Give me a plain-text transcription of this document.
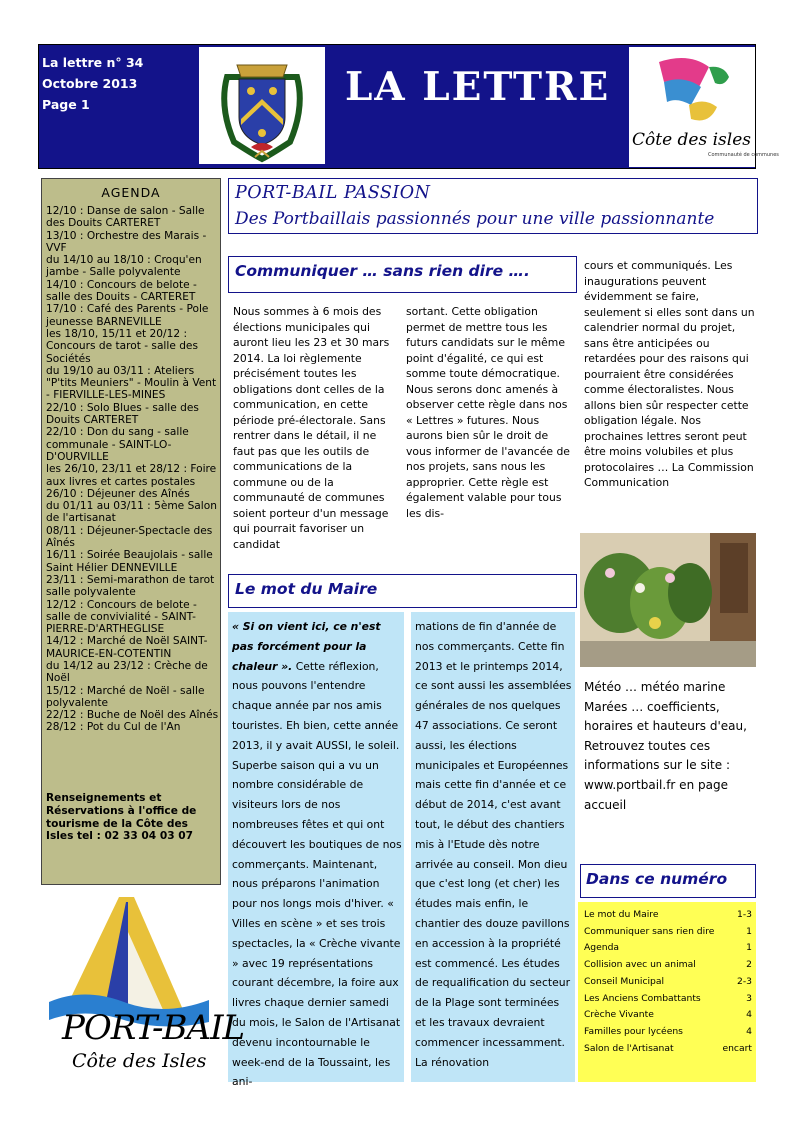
La lettre n° 34
Octobre 2013
Page 1	LA LETTRE
Côte des isles
Communauté de communes
AGENDA
12/10 : Danse de salon - Salle des Douits CARTERET
13/10 : Orchestre des Marais - VVF
du 14/10 au 18/10 : Croqu'en jambe - Salle polyvalente
14/10 : Concours de belote - salle des Douits - CARTERET
17/10 : Café des Parents - Pole jeunesse BARNEVILLE
les 18/10, 15/11 et 20/12 : Concours de tarot - salle des Sociétés
du 19/10 au 03/11 : Ateliers "P'tits Meuniers" - Moulin à Vent - FIERVILLE-LES-MINES
22/10 : Solo Blues - salle des Douits CARTERET
22/10 : Don du sang - salle communale - SAINT-LO-D'OURVILLE
les 26/10, 23/11 et 28/12 : Foire aux livres et cartes postales
26/10 : Déjeuner des Aînés
du 01/11 au 03/11 : 5ème Salon de l'artisanat
08/11 : Déjeuner-Spectacle des Aînés
16/11 : Soirée Beaujolais - salle Saint Hélier DENNEVILLE
23/11 : Semi-marathon de tarot salle polyvalente
12/12 : Concours de belote - salle de convivialité - SAINT-PIERRE-D'ARTHEGLISE
14/12 : Marché de Noël SAINT-MAURICE-EN-COTENTIN
du 14/12 au 23/12 : Crèche de Noël
15/12 : Marché de Noël - salle polyvalente
22/12 : Buche de Noël des Aînés
28/12 : Pot du Cul de l'An
Renseignements et Réservations à l'office de tourisme de la Côte des Isles tel : 02 33 04 03 07
PORT-BAIL PASSION
Des Portbaillais passionnés pour une ville passionnante
Communiquer … sans rien dire ….

Nous sommes à 6 mois des élections municipales qui auront lieu les 23 et 30 mars 2014. La loi règlemente précisément toutes les obligations dont celles de la communication, en cette période pré-électorale. Sans rentrer dans le détail, il ne faut pas que les outils de communications de la commune ou de la communauté de communes soient porteur d'un message qui pourrait favoriser un candidat

sortant. Cette obligation permet de mettre tous les futurs candidats sur le même point d'égalité, ce qui est somme toute démocratique. Nous serons donc amenés à observer cette règle dans nos « Lettres » futures. Nous aurons bien sûr le droit de vous informer de l'avancée de nos projets, sans nous les approprier. Cette règle est également valable pour tous les dis-

cours et communiqués. Les inaugurations peuvent évidemment se faire, seulement si elles sont dans un calendrier normal du projet, sans être anticipées ou retardées pour des raisons qui pourraient être considérées comme électoralistes. Nous allons bien sûr respecter cette obligation légale. Nos prochaines lettres seront peut être moins volubiles et plus protocolaires … La Commission Communication

Météo … météo marine Marées … coefficients, horaires et hauteurs d'eau, Retrouvez toutes ces informations sur le site : www.portbail.fr en page accueil
Le mot du Maire
« Si on vient ici, ce n'est pas forcément pour la chaleur ». Cette réflexion, nous pouvons l'entendre chaque année par nos amis touristes. Eh bien, cette année 2013, il y avait AUSSI, le soleil. Superbe saison qui a vu un nombre considérable de visiteurs lors de nos nombreuses fêtes et qui ont découvert les boutiques de nos commerçants. Maintenant, nous préparons l'animation pour nos longs mois d'hiver. « Villes en scène » et ses trois spectacles, la « Crèche vivante » avec 19 représentations courant décembre, la foire aux livres chaque dernier samedi du mois, le Salon de l'Artisanat devenu incontournable le week-end de la Toussaint, les ani-
mations de fin d'année de nos commerçants. Cette fin 2013 et le printemps 2014, ce sont aussi les assemblées générales de nos quelques 47 associations. Ce seront aussi, les élections municipales et Européennes mais cette fin d'année et ce début de 2014, c'est avant tout, le début des chantiers mis à l'Etude dès notre arrivée au conseil. Mon dieu que c'est long (et cher) les études mais enfin, le chantier des douze pavillons en accession à la propriété est commencé. Les études de requalification du secteur de la Plage sont terminées et les travaux devraient commencer incessamment. La rénovation
Dans ce numéro
Le mot du Maire	1-3
Communiquer sans rien dire	1
Agenda	1
Collision avec un animal	2
Conseil Municipal	2-3
Les Anciens Combattants	3
Crèche Vivante	4
Familles pour lycéens	4
Salon de l'Artisanat	encart
PORT-BAIL
Côte des Isles
